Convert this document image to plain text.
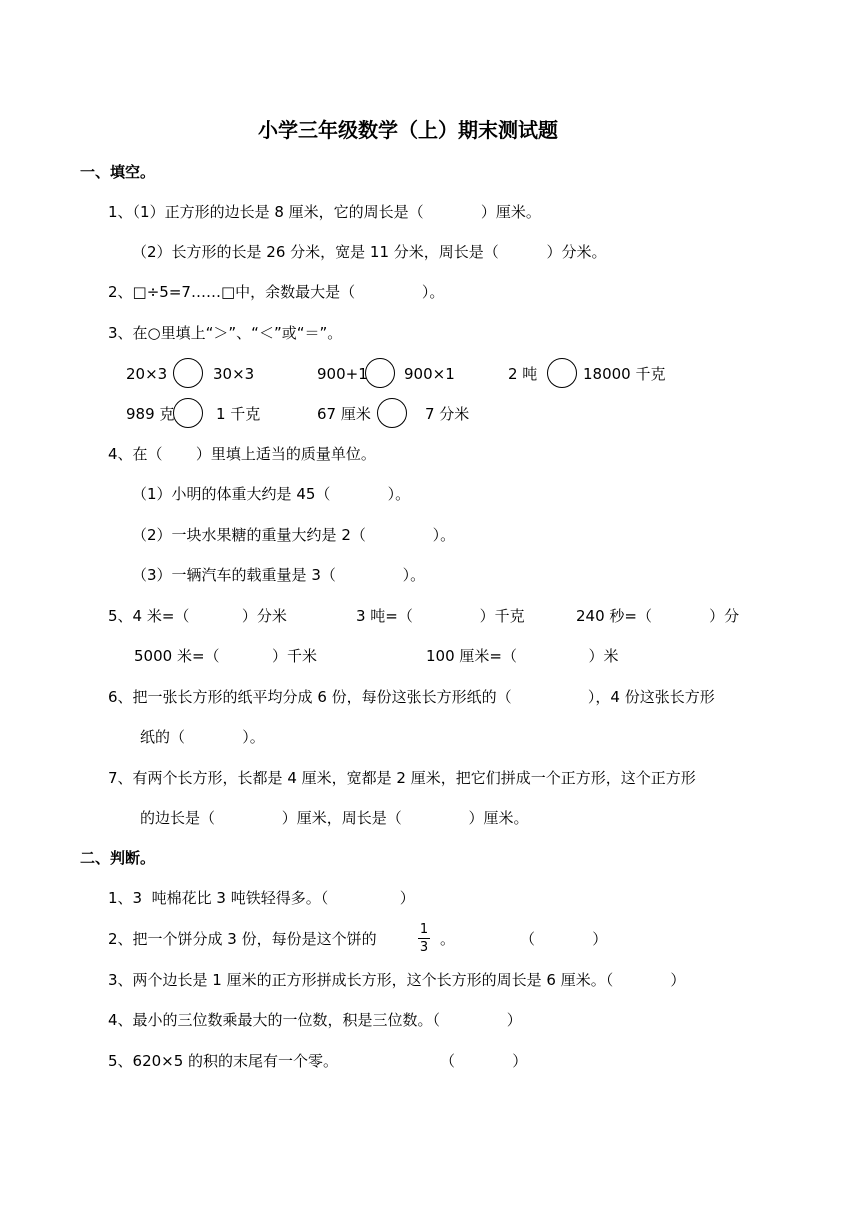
小学三年级数学（上）期末测试题
一、填空。
1、（1）正方形的边长是 8 厘米，它的周长是（            ）厘米。
（2）长方形的长是 26 分米，宽是 11 分米，周长是（          ）分米。
2、□÷5=7……□中，余数最大是（              ）。
3、在○里填上“＞”、“＜”或“＝”。
20×3	30×3	900+1 900×1	2 吨	18000 千克
989 克	1 千克	67 厘米	7 分米
4、在（       ）里填上适当的质量单位。
（1）小明的体重大约是 45（            ）。
（2）一块水果糖的重量大约是 2（              ）。
（3）一辆汽车的载重量是 3（              ）。
5、4 米=（           ）分米	3 吨=（              ）千克	240 秒=（            ）分
5000 米=（           ）千米	100 厘米=（               ）米
6、把一张长方形的纸平均分成 6 份，每份这张长方形纸的（                ），4 份这张长方形
纸的（            ）。
7、有两个长方形，长都是 4 厘米，宽都是 2 厘米，把它们拼成一个正方形，这个正方形
的边长是（              ）厘米，周长是（              ）厘米。
二、判断。
1、3  吨棉花比 3 吨铁轻得多。（               ）
2、把一个饼分成 3 份，每份是这个饼的
1
3 。	（            ）
3、两个边长是 1 厘米的正方形拼成长方形，这个长方形的周长是 6 厘米。（            ）
4、最小的三位数乘最大的一位数，积是三位数。（              ）
5、620×5 的积的末尾有一个零。	（            ）
